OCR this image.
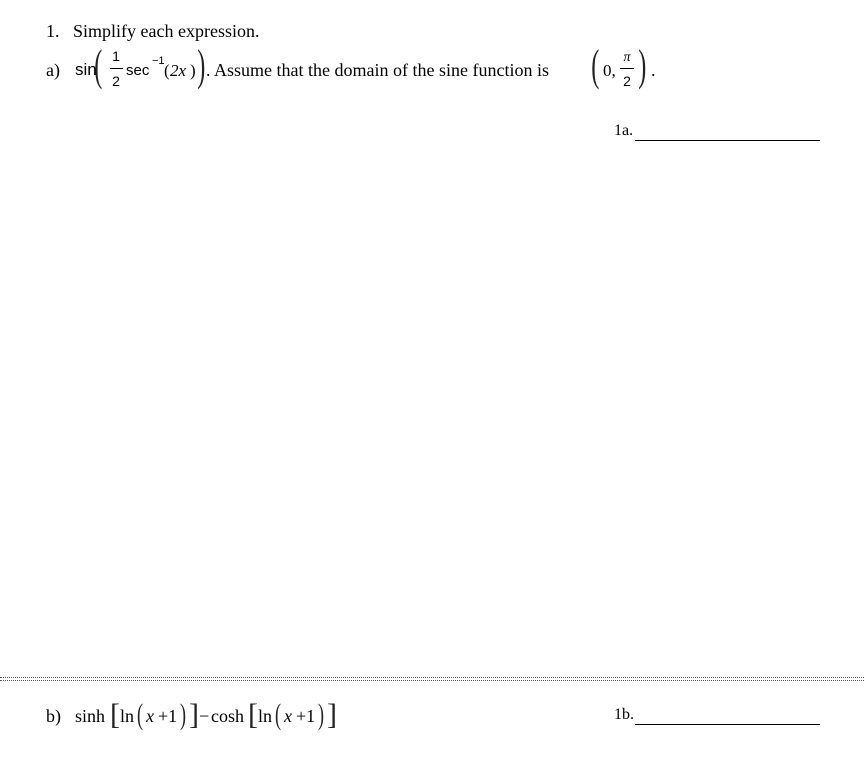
1. Simplify each expression.
a) sin
( 1
2
sec
−1 ( 2x ) ) . Assume that the domain of the sine function is ( 0,
π
2 ) .
1a.
b) sinh [ ln ( x +1 ) ] − cosh [ ln ( x +1 ) ]	1b.
